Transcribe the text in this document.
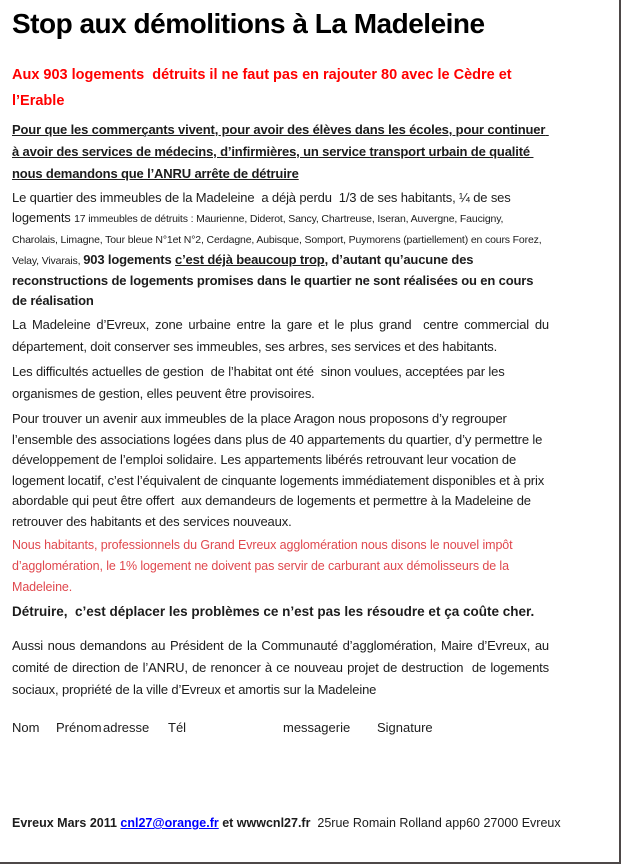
Stop aux démolitions à La Madeleine

Aux 903 logements  détruits il ne faut pas en rajouter 80 avec le Cèdre et l’Erable

Pour que les commerçants vivent, pour avoir des élèves dans les écoles, pour continuer à avoir des services de médecins, d’infirmières, un service transport urbain de qualité nous demandons que l’ANRU arrête de détruire

Le quartier des immeubles de la Madeleine  a déjà perdu  1/3 de ses habitants, ¼ de ses logements 17 immeubles de détruits : Maurienne, Diderot, Sancy, Chartreuse, Iseran, Auvergne, Faucigny, Charolais, Limagne, Tour bleue N°1et N°2, Cerdagne, Aubisque, Somport, Puymorens (partiellement) en cours Forez, Velay, Vivarais, 903 logements c’est déjà beaucoup trop, d’autant qu’aucune des reconstructions de logements promises dans le quartier ne sont réalisées ou en cours de réalisation

La Madeleine d’Evreux, zone urbaine entre la gare et le plus grand  centre commercial du département, doit conserver ses immeubles, ses arbres, ses services et des habitants.

Les difficultés actuelles de gestion  de l’habitat ont été  sinon voulues, acceptées par les organismes de gestion, elles peuvent être provisoires.

Pour trouver un avenir aux immeubles de la place Aragon nous proposons d’y regrouper  l’ensemble des associations logées dans plus de 40 appartements du quartier, d’y permettre le développement de l’emploi solidaire. Les appartements libérés retrouvant leur vocation de logement locatif, c’est l’équivalent de cinquante logements immédiatement disponibles et à prix abordable qui peut être offert  aux demandeurs de logements et permettre à la Madeleine de retrouver des habitants et des services nouveaux.

Nous habitants, professionnels du Grand Evreux agglomération nous disons le nouvel impôt d’agglomération, le 1% logement ne doivent pas servir de carburant aux démolisseurs de la Madeleine.

Détruire,  c’est déplacer les problèmes ce n’est pas les résoudre et ça coûte cher.

Aussi nous demandons au Président de la Communauté d’agglomération, Maire d’Evreux, au comité de direction de l’ANRU, de renoncer à ce nouveau projet de destruction  de logements sociaux, propriété de la ville d’Evreux et amortis sur la Madeleine

Nom Prénom adresse Tél	messagerie Signature
Evreux Mars 2011 cnl27@orange.fr et wwwcnl27.fr  25rue Romain Rolland app60 27000 Evreux
